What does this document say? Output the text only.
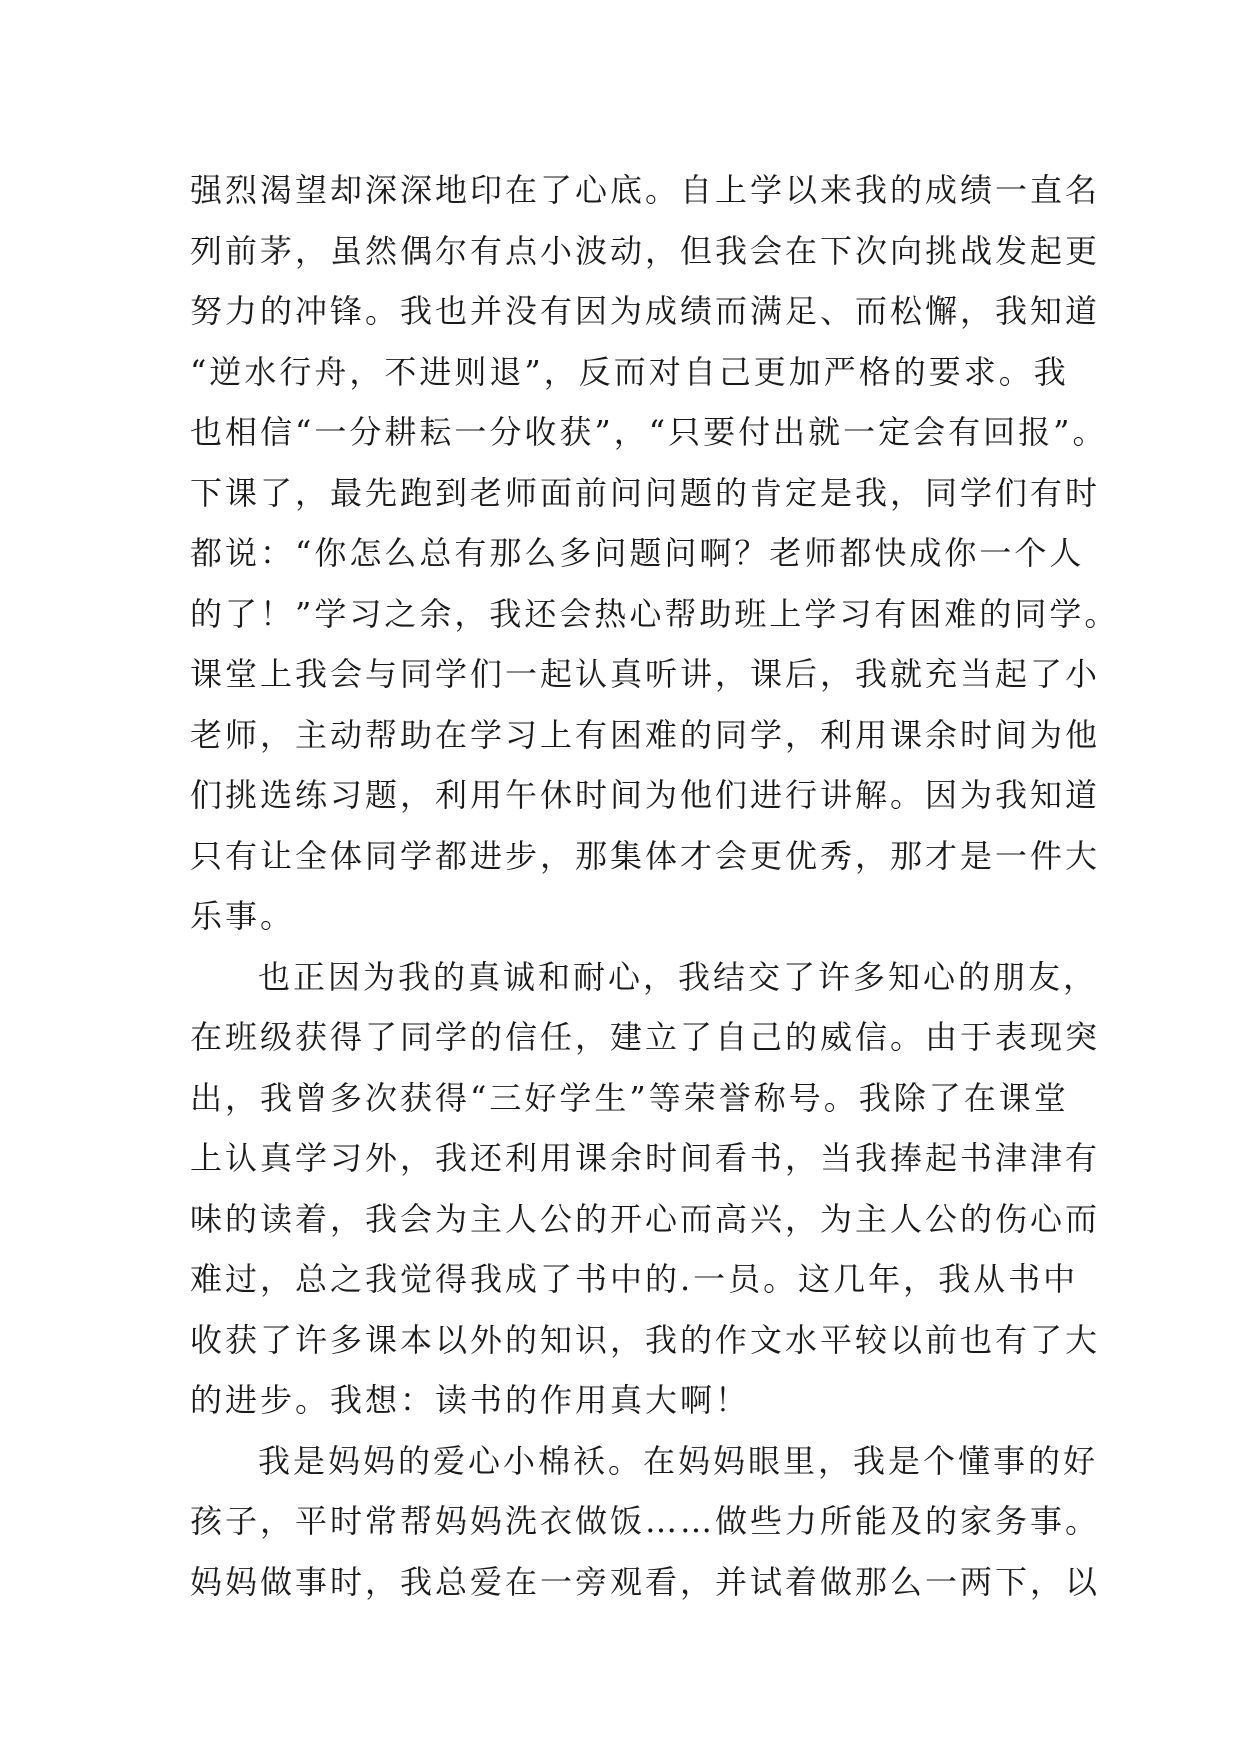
强烈渴望却深深地印在了心底。自上学以来我的成绩一直名
列前茅，虽然偶尔有点小波动，但我会在下次向挑战发起更
努力的冲锋。我也并没有因为成绩而满足、而松懈，我知道
“逆水行舟，不进则退”，反而对自己更加严格的要求。我
也相信“一分耕耘一分收获”，“只要付出就一定会有回报”。
下课了，最先跑到老师面前问问题的肯定是我，同学们有时
都说：“你怎么总有那么多问题问啊？老师都快成你一个人
的了！”学习之余，我还会热心帮助班上学习有困难的同学。
课堂上我会与同学们一起认真听讲，课后，我就充当起了小
老师，主动帮助在学习上有困难的同学，利用课余时间为他
们挑选练习题，利用午休时间为他们进行讲解。因为我知道
只有让全体同学都进步，那集体才会更优秀，那才是一件大
乐事。
也正因为我的真诚和耐心，我结交了许多知心的朋友，
在班级获得了同学的信任，建立了自己的威信。由于表现突
出，我曾多次获得“三好学生”等荣誉称号。我除了在课堂
上认真学习外，我还利用课余时间看书，当我捧起书津津有
味的读着，我会为主人公的开心而高兴，为主人公的伤心而
难过，总之我觉得我成了书中的.一员。这几年，我从书中
收获了许多课本以外的知识，我的作文水平较以前也有了大
的进步。我想：读书的作用真大啊！
我是妈妈的爱心小棉袄。在妈妈眼里，我是个懂事的好
孩子，平时常帮妈妈洗衣做饭……做些力所能及的家务事。
妈妈做事时，我总爱在一旁观看，并试着做那么一两下，以
